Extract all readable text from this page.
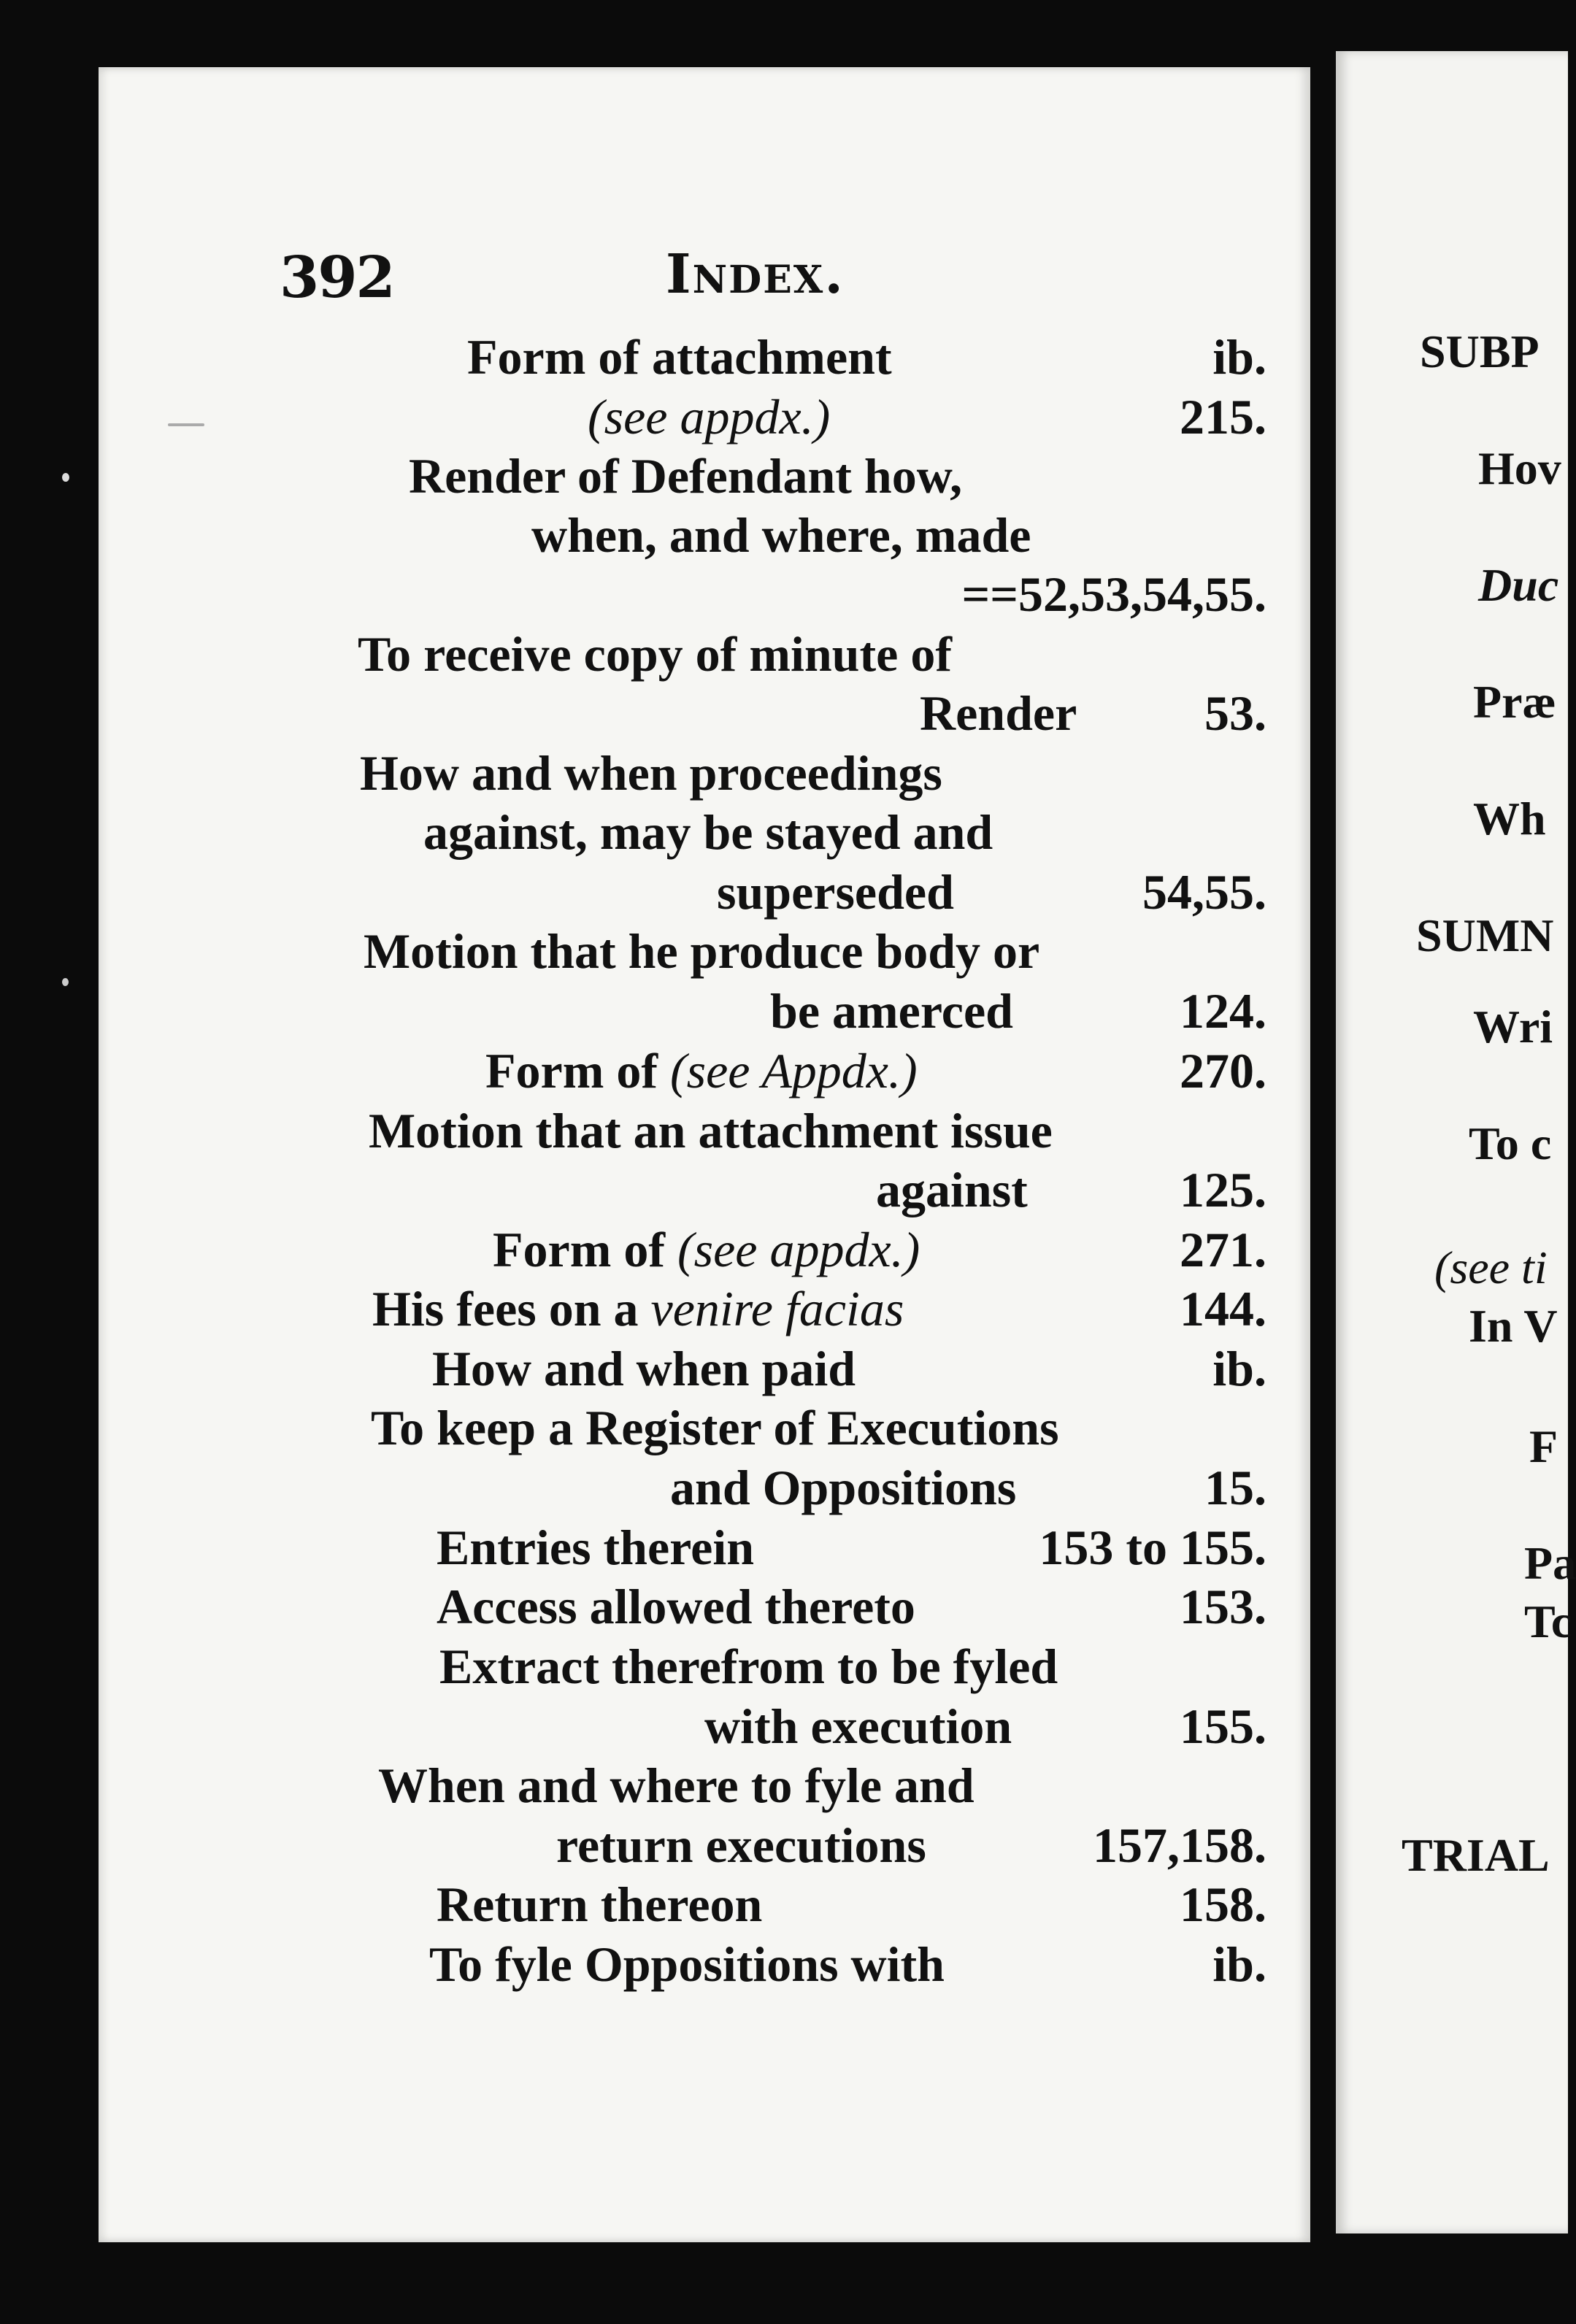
392	Index.
Form of attachment	ib.
(see appdx.)	215.
Render of Defendant how,
when, and where, made
==52,53,54,55.
To receive copy of minute of
Render	53.
How and when proceedings
against, may be stayed and
superseded	54,55.
Motion that he produce body or
be amerced	124.
Form of (see Appdx.)	270.
Motion that an attachment issue
against	125.
Form of (see appdx.)	271.
His fees on a venire facias	144.
How and when paid	ib.
To keep a Register of Executions
and Oppositions	15.
Entries therein	153 to 155.
Access allowed thereto	153.
Extract therefrom to be fyled
with execution	155.
When and where to fyle and
return executions	157,158.
Return thereon	158.
To fyle Oppositions with	ib.
SUBP
Hov
Duc
Præ
Wh
SUMN
Wri
To c
(see ti
In V
F
Pa
Tc
TRIAL
